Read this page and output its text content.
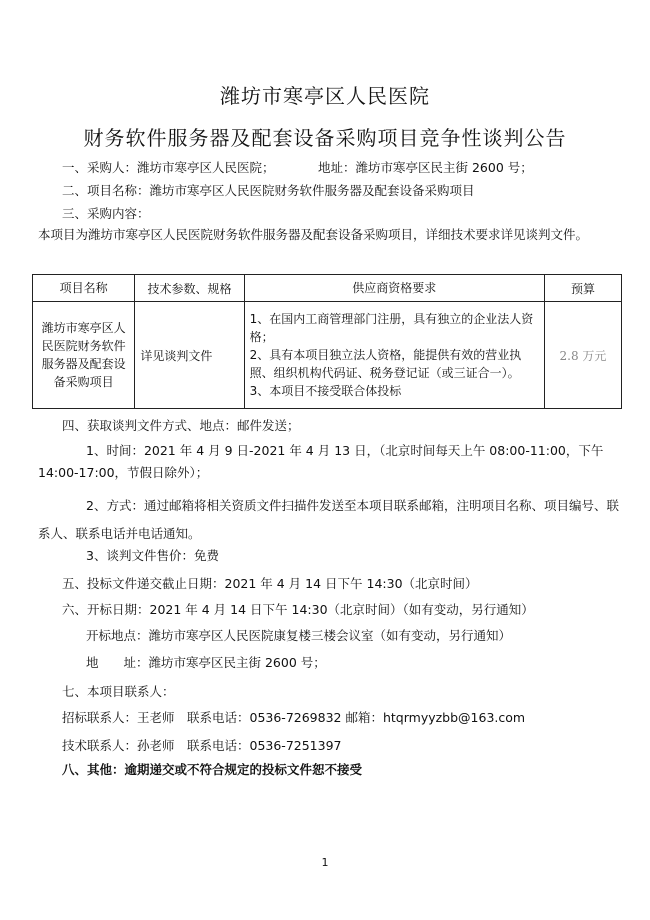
潍坊市寒亭区人民医院
财务软件服务器及配套设备采购项目竞争性谈判公告
一、采购人：潍坊市寒亭区人民医院；	地址：潍坊市寒亭区民主街 2600 号；
二、项目名称：潍坊市寒亭区人民医院财务软件服务器及配套设备采购项目
三、采购内容：
本项目为潍坊市寒亭区人民医院财务软件服务器及配套设备采购项目，详细技术要求详见谈判文件。
项目名称	技术参数、规格	供应商资格要求	预算
潍坊市寒亭区人民医院财务软件服务器及配套设备采购项目	详见谈判文件	1、在国内工商管理部门注册，具有独立的企业法人资格；
2、具有本项目独立法人资格，能提供有效的营业执照、组织机构代码证、税务登记证（或三证合一）。
3、本项目不接受联合体投标	2.8 万元
四、获取谈判文件方式、地点：邮件发送；
1、时间：2021 年 4 月 9 日-2021 年 4 月 13 日，（北京时间每天上午 08:00-11:00，下午 14:00-17:00，节假日除外）；
2、方式：通过邮箱将相关资质文件扫描件发送至本项目联系邮箱，注明项目名称、项目编号、联系人、联系电话并电话通知。
3、谈判文件售价：免费
五、投标文件递交截止日期：2021 年 4 月 14 日下午 14:30（北京时间）
六、开标日期：2021 年 4 月 14 日下午 14:30（北京时间）（如有变动，另行通知）
开标地点：潍坊市寒亭区人民医院康复楼三楼会议室（如有变动，另行通知）
地　　址：潍坊市寒亭区民主街 2600 号；
七、本项目联系人：
招标联系人：王老师　联系电话：0536-7269832 邮箱：htqrmyyzbb@163.com
技术联系人：孙老师　联系电话：0536-7251397
八、其他：逾期递交或不符合规定的投标文件恕不接受
1
